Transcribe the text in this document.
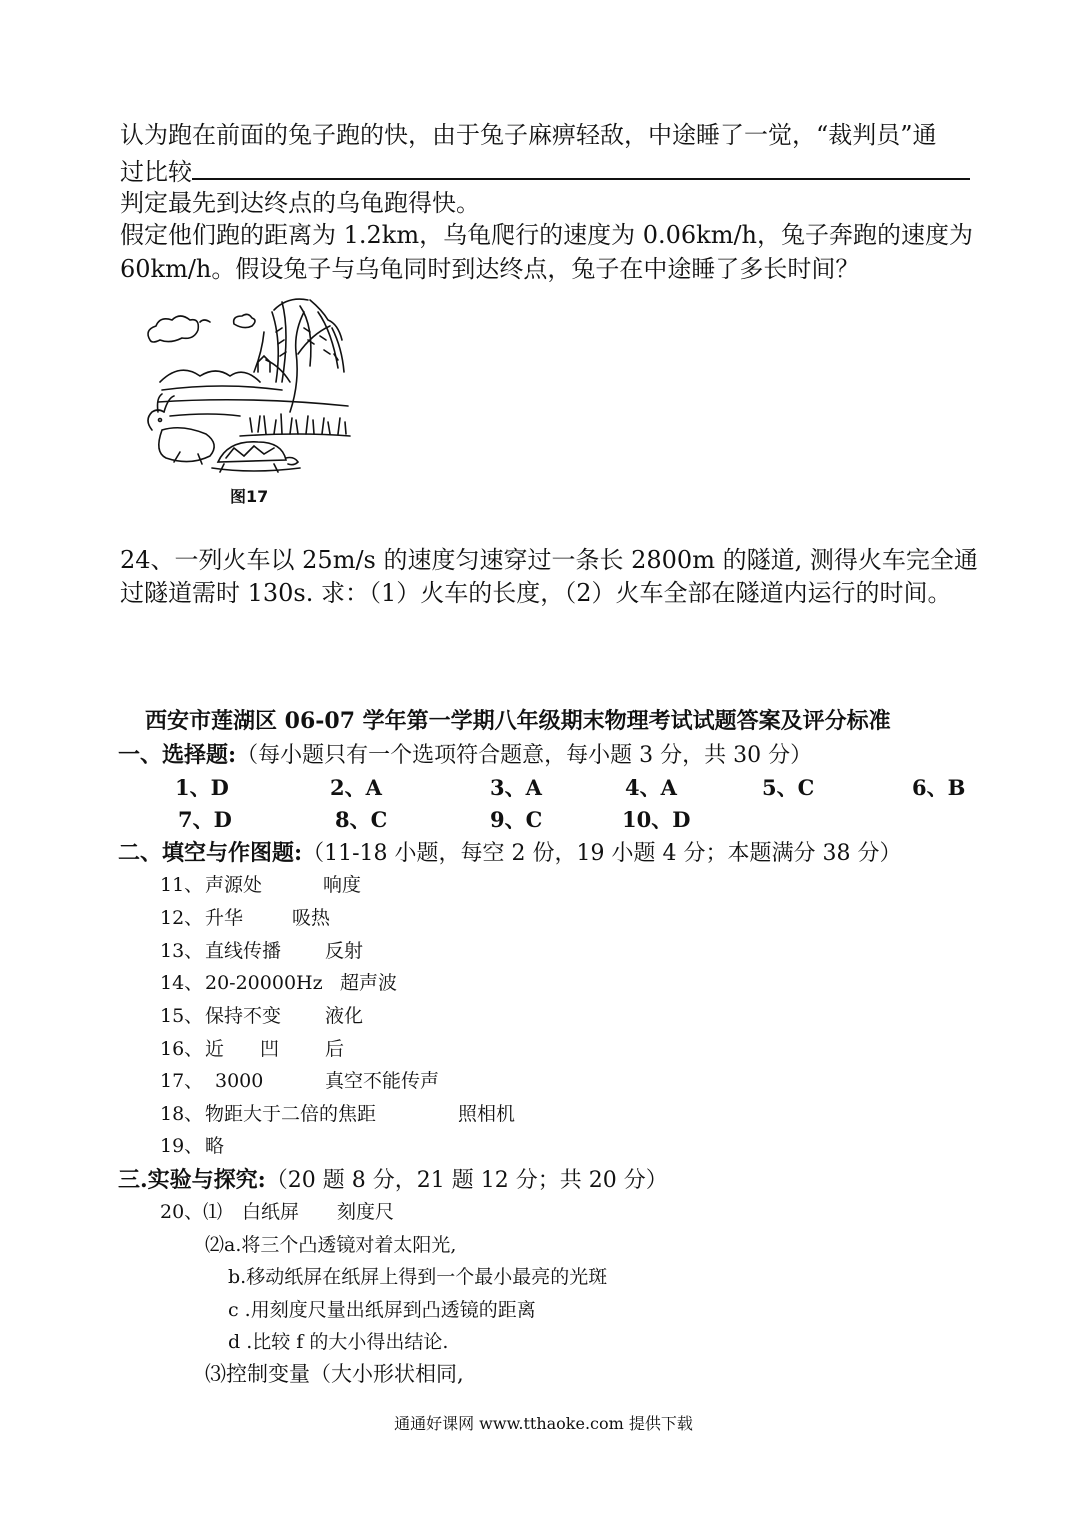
认为跑在前面的兔子跑的快，由于兔子麻痹轻敌，中途睡了一觉，“裁判员”通
过比较
判定最先到达终点的乌龟跑得快。
假定他们跑的距离为 1.2km，乌龟爬行的速度为 0.06km/h，兔子奔跑的速度为
60km/h。假设兔子与乌龟同时到达终点，兔子在中途睡了多长时间？
图17
24、一列火车以 25m/s 的速度匀速穿过一条长 2800m 的隧道, 测得火车完全通
过隧道需时 130s. 求：（1）火车的长度，（2）火车全部在隧道内运行的时间。
西安市莲湖区 06-07 学年第一学期八年级期末物理考试试题答案及评分标准
一、选择题:（每小题只有一个选项符合题意，每小题 3 分，共 30 分）
1、D	2、A	3、A	4、A	5、C	6、B
7、D	8、C	9、C	10、D
二、填空与作图题:（11-18 小题，每空 2 份，19 小题 4 分；本题满分 38 分）
11、声源处	响度
12、升华	吸热
13、直线传播 反射
14、20-20000Hz 超声波
15、保持不变 液化
16、近 凹 后
17、 3000	真空不能传声
18、物距大于二倍的焦距	照相机
19、略
三.实验与探究:（20 题 8 分，21 题 12 分；共 20 分）
20、⑴ 白纸屏 刻度尺
⑵a.将三个凸透镜对着太阳光,
b.移动纸屏在纸屏上得到一个最小最亮的光斑
c .用刻度尺量出纸屏到凸透镜的距离
d .比较 f 的大小得出结论.
⑶控制变量（大小形状相同,
通通好课网 www.tthaoke.com 提供下载
